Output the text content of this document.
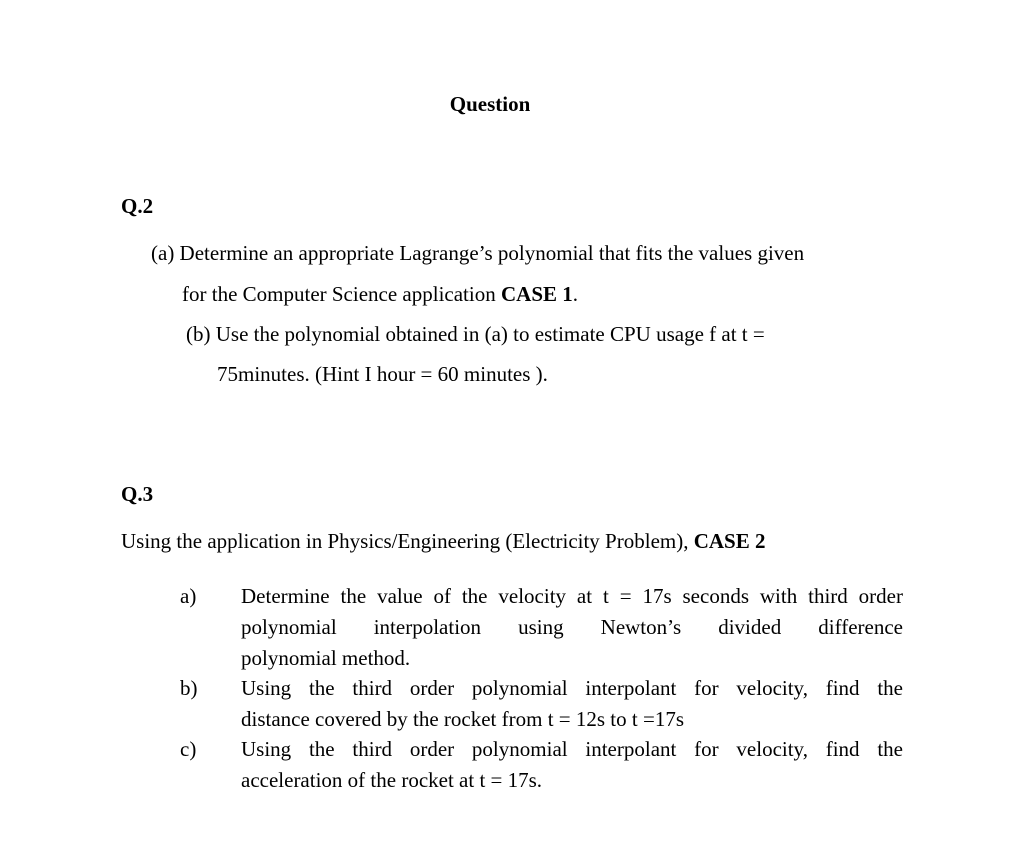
Question
Q.2
(a) Determine an appropriate Lagrange’s polynomial that fits the values given
for the Computer Science application CASE 1.
(b) Use the polynomial obtained in (a) to estimate CPU usage f at t =
75minutes. (Hint I hour = 60 minutes ).
Q.3
Using the application in Physics/Engineering (Electricity Problem), CASE 2
a) Determine the value of the velocity at t = 17s seconds with third order
polynomial interpolation using Newton’s divided difference
polynomial method.
b) Using the third order polynomial interpolant for velocity, find the
distance covered by the rocket from t = 12s to t =17s
c) Using the third order polynomial interpolant for velocity, find the
acceleration of the rocket at t = 17s.
